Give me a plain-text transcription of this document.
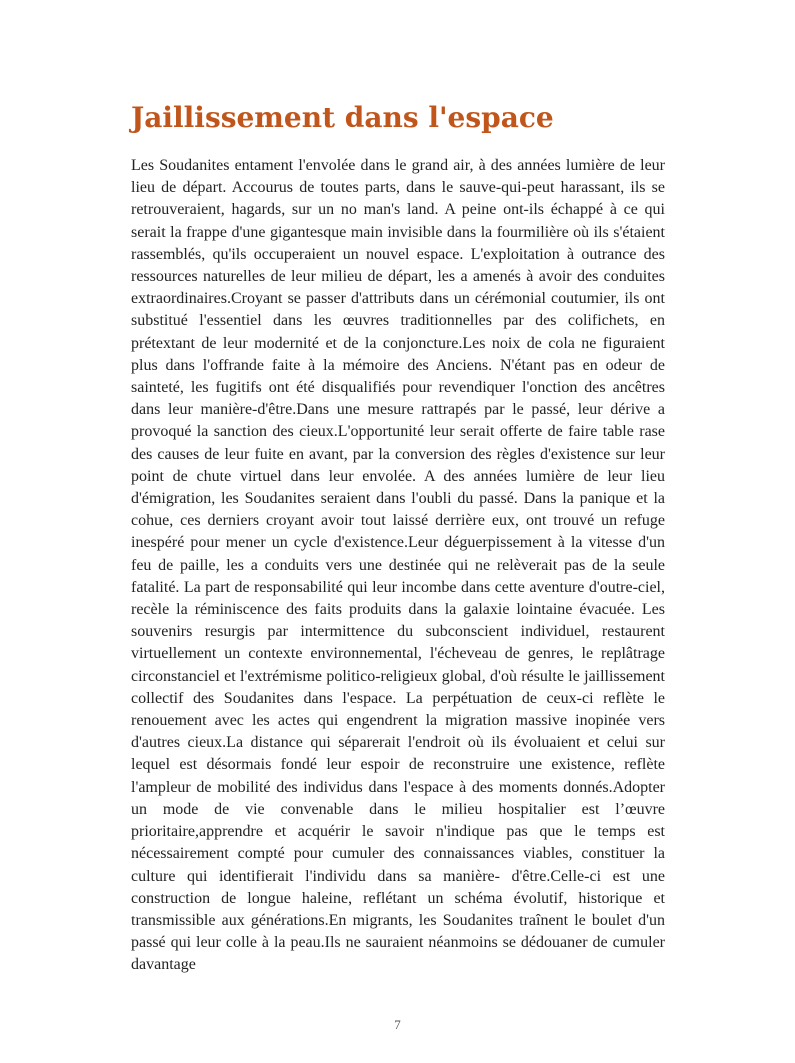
Jaillissement dans l'espace

Les Soudanites entament l'envolée dans le grand air, à des années lumière de leur lieu de départ. Accourus de toutes parts, dans le sauve-qui-peut harassant, ils se retrouveraient, hagards, sur un no man's land. A peine ont-ils échappé à ce qui serait la frappe d'une gigantesque main invisible dans la fourmilière où ils s'étaient rassemblés, qu'ils occuperaient un nouvel espace. L'exploitation à outrance des ressources naturelles de leur milieu de départ, les a amenés à avoir des conduites extraordinaires.Croyant se passer d'attributs dans un cérémonial coutumier, ils ont substitué l'essentiel dans les œuvres traditionnelles par des colifichets, en prétextant de leur modernité et de la conjoncture.Les noix de cola ne figuraient plus dans l'offrande faite à la mémoire des Anciens. N'étant pas en odeur de sainteté, les fugitifs ont été disqualifiés pour revendiquer l'onction des ancêtres dans leur manière-d'être.Dans une mesure rattrapés par le passé, leur dérive a provoqué la sanction des cieux.L'opportunité leur serait offerte de faire table rase des causes de leur fuite en avant, par la conversion des règles d'existence sur leur point de chute virtuel dans leur envolée. A des années lumière de leur lieu d'émigration, les Soudanites seraient dans l'oubli du passé. Dans la panique et la cohue, ces derniers croyant avoir tout laissé derrière eux, ont trouvé un refuge inespéré pour mener un cycle d'existence.Leur déguerpissement à la vitesse d'un feu de paille, les a conduits vers une destinée qui ne relèverait pas de la seule fatalité. La part de responsabilité qui leur incombe dans cette aventure d'outre-ciel, recèle la réminiscence des faits produits dans la galaxie lointaine évacuée. Les souvenirs resurgis par intermittence du subconscient individuel, restaurent virtuellement un contexte environnemental, l'écheveau de genres, le replâtrage circonstanciel et l'extrémisme politico-religieux global, d'où résulte le jaillissement collectif des Soudanites dans l'espace. La perpétuation de ceux-ci reflète le renouement avec les actes qui engendrent la migration massive inopinée vers d'autres cieux.La distance qui séparerait l'endroit où ils évoluaient et celui sur lequel est désormais fondé leur espoir de reconstruire une existence, reflète l'ampleur de mobilité des individus dans l'espace à des moments donnés.Adopter un mode de vie convenable dans le milieu hospitalier est l’œuvre prioritaire,apprendre et acquérir le savoir n'indique pas que le temps est nécessairement compté pour cumuler des connaissances viables, constituer la culture qui identifierait l'individu dans sa manière- d'être.Celle-ci est une construction de longue haleine, reflétant un schéma évolutif, historique et transmissible aux générations.En migrants, les Soudanites traînent le boulet d'un passé qui leur colle à la peau.Ils ne sauraient néanmoins se dédouaner de cumuler davantage

7
